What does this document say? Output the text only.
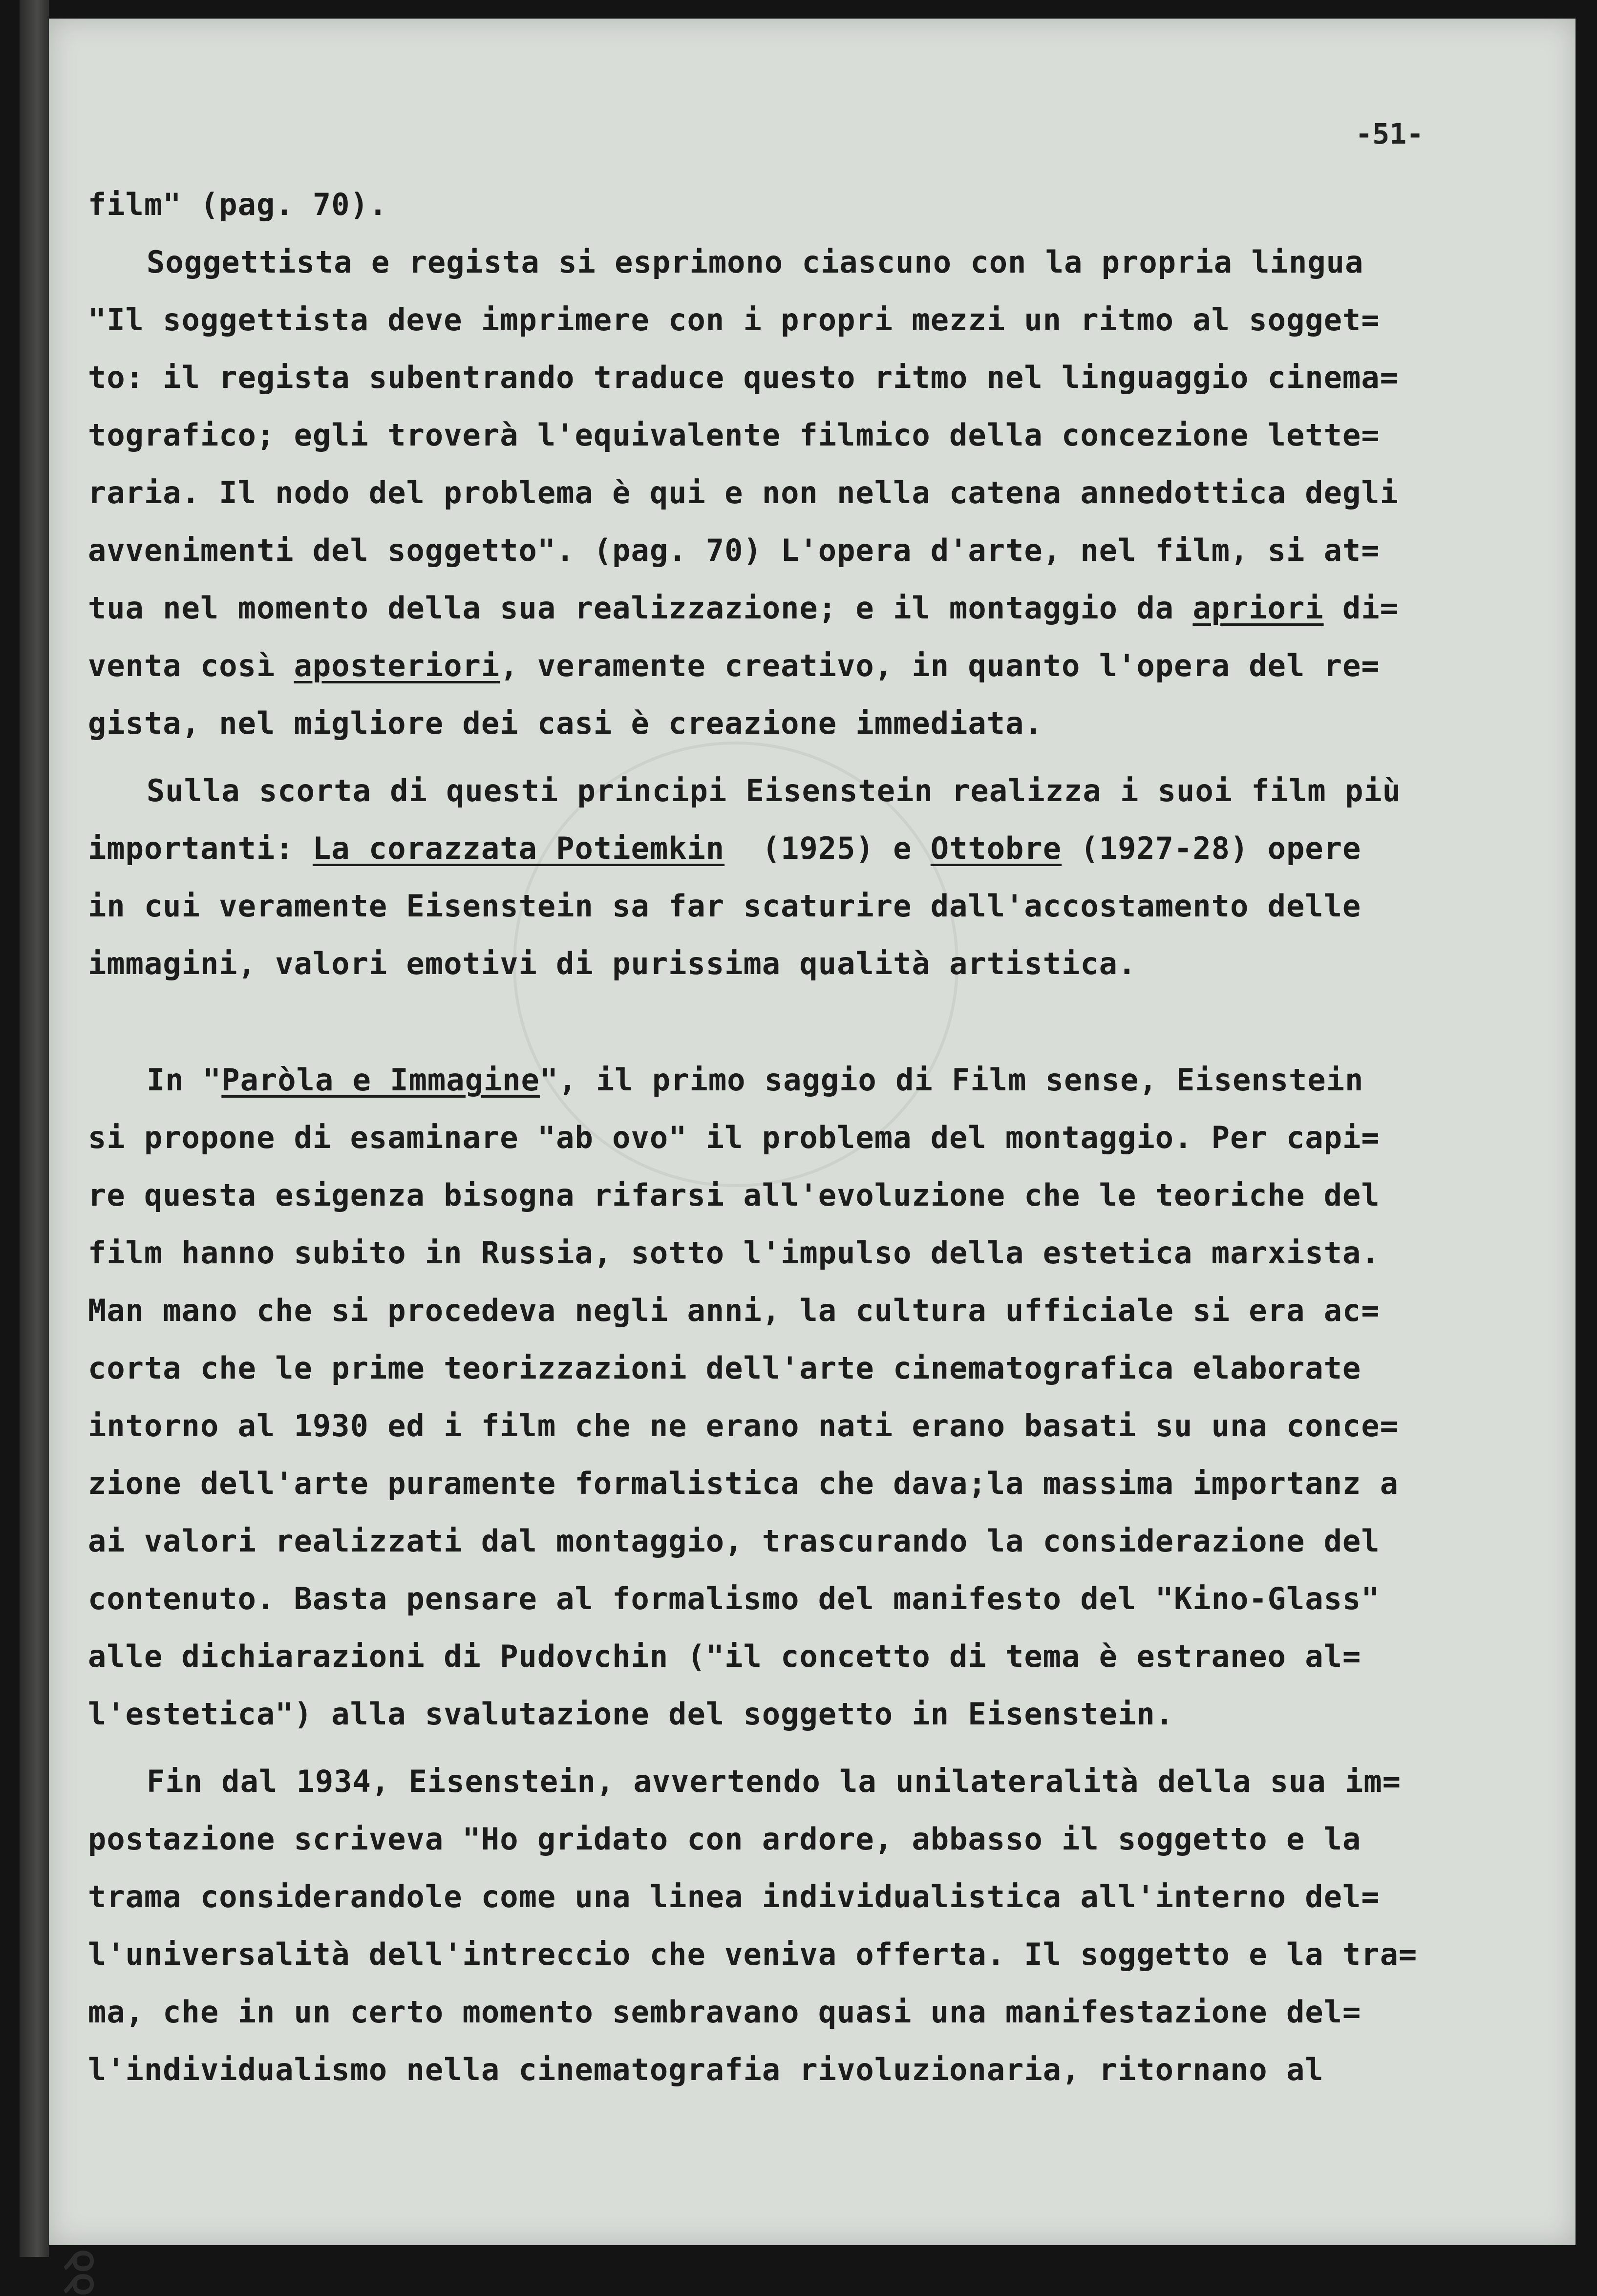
ꝺꝺ
-51-
film" (pag. 70).
Soggettista e regista si esprimono ciascuno con la propria lingua
"Il soggettista deve imprimere con i propri mezzi un ritmo al sogget=
to: il regista subentrando traduce questo ritmo nel linguaggio cinema=
tografico; egli troverà l'equivalente filmico della concezione lette=
raria. Il nodo del problema è qui e non nella catena annedottica degli
avvenimenti del soggetto". (pag. 70) L'opera d'arte, nel film, si at=
tua nel momento della sua realizzazione; e il montaggio da apriori di=
venta così aposteriori, veramente creativo, in quanto l'opera del re=
gista, nel migliore dei casi è creazione immediata.
Sulla scorta di questi principi Eisenstein realizza i suoi film più
importanti: La corazzata Potiemkin  (1925) e Ottobre (1927-28) opere
in cui veramente Eisenstein sa far scaturire dall'accostamento delle
immagini, valori emotivi di purissima qualità artistica.
In "Paròla e Immagine", il primo saggio di Film sense, Eisenstein
si propone di esaminare "ab ovo" il problema del montaggio. Per capi=
re questa esigenza bisogna rifarsi all'evoluzione che le teoriche del
film hanno subito in Russia, sotto l'impulso della estetica marxista.
Man mano che si procedeva negli anni, la cultura ufficiale si era ac=
corta che le prime teorizzazioni dell'arte cinematografica elaborate
intorno al 1930 ed i film che ne erano nati erano basati su una conce=
zione dell'arte puramente formalistica che dava;la massima importanz a
ai valori realizzati dal montaggio, trascurando la considerazione del
contenuto. Basta pensare al formalismo del manifesto del "Kino-Glass"
alle dichiarazioni di Pudovchin ("il concetto di tema è estraneo al=
l'estetica") alla svalutazione del soggetto in Eisenstein.
Fin dal 1934, Eisenstein, avvertendo la unilateralità della sua im=
postazione scriveva "Ho gridato con ardore, abbasso il soggetto e la
trama considerandole come una linea individualistica all'interno del=
l'universalità dell'intreccio che veniva offerta. Il soggetto e la tra=
ma, che in un certo momento sembravano quasi una manifestazione del=
l'individualismo nella cinematografia rivoluzionaria, ritornano al
